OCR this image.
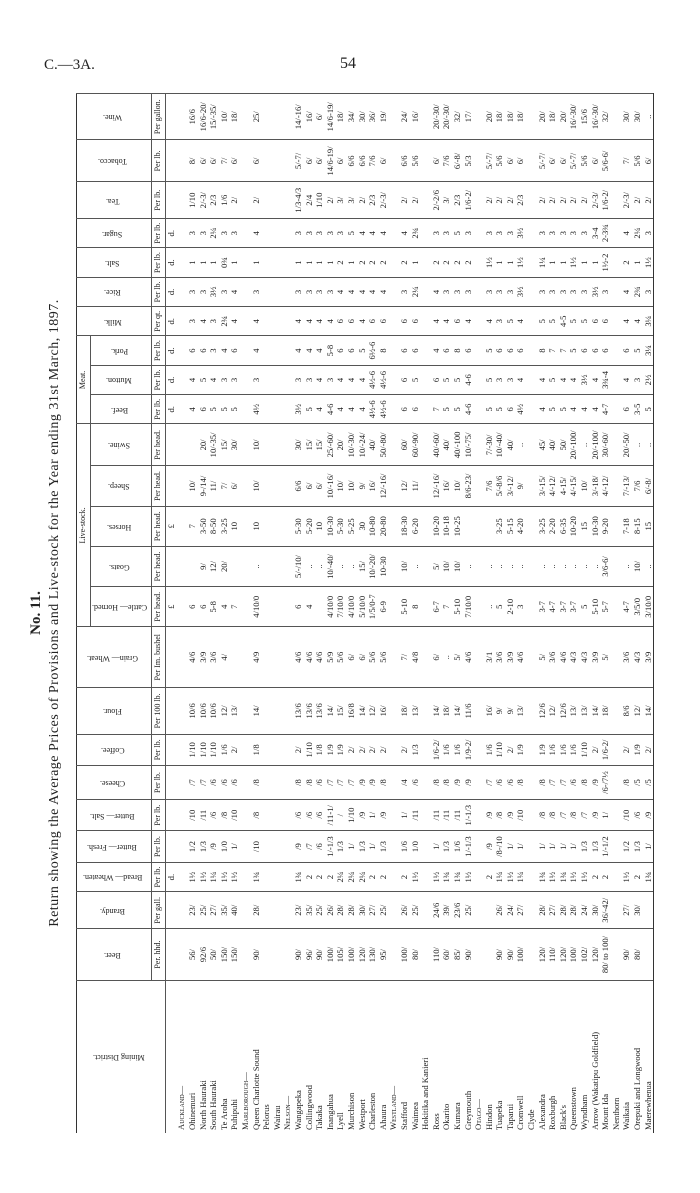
C.—3A.	54
No. 11. Return showing the Average Prices of Provisions and Live-stock for the Year ending 31st March, 1897.
Mining District.	Beer.	Brandy.	Bread— Wheaten.	Butter— Fresh.	Butter— Salt.	Cheese.	Coffee.	Flour.	Grain— Wheat.	Live-stock.					Meat.			Milk.	Rice.	Salt.	Sugar.	Tea.	Tobacco.	Wine.
										Cattle— Horned.	Goats.	Horses.	Sheep.	Swine.	Beef.	Mutton.	Pork.							
	Per. hhd.	Per gall.	Per lb.	Per lb.	Per lb.	Per lb.	Per lb.	Per 100 lb.	Per Im. bushel	Per head.	Per head.	Per head.	Per head.	Per head.	Per lb.	Per lb.	Per lb.	Per qt.	Per lb.	Per lb.	Per lb.	Per lb.	Per lb.	Per gallon.
			d.							£		£			d.	d.	d.	d.	d.	d.	d.			
Auckland—																								
Ohinemuri	56/	23/	1½	1/2	/10	/7	1/10	10/6	4/6	6		7	10/		4	4	6	3	3	1	3	1/10	8/	16/6
North Hauraki	92/6	25/	1½	1/3	/11	/7	1/10	10/6	3/9	6	9/	3-50	9-/14/	20/	6	5	6	4	3	1	3	2/-3/	6/	16/6-20/
South Hauraki	50/	27/	1¼	/9	/6	/6	1/10	10/6	3/6	5-8	12/	8-50	11/	10/-35/	5	4	3	3	3½	1	2¼	2/3	6/	15/-35/
Te Aroha	150/	35/	1½	1/0	/8	/6	1/6	12/	4/	4	20/	3-25	7/	15/	5	3	4	2¾	3	0¾	3	1/6	7/	10/
Puhipuhi	150/	40/	1½	1/	/10	/6	2/	13/		7		10	6/	30/	5	3	6	4	4	1	3	2/	6/	18/
Marlborough—																								
Queen Charlotte Sound	90/	28/	1¾	/10	/8	/8	1/8	14/	4/9	4/10/0	..	10	10/	10/	4½	3	4	4	3	1	4	2/	6/	25/
Pelorus																								
Wairau																								
Nelson—																								
Wangapeka	90/	23/	1¾	/9	/6	/8	2/	13/6	4/6	6	5/-/10/	5-30	6/6	30/	3½	3	4	4	3	1	3	1/3-4/3	5/-7/	14/-16/
Collingwood	96/	35/	2	/7	/6	/8	1/10	13/6	4/6	4	..	5-20	6/	15/	5	3	4	4	3	1	3	2/4	6/	16/
Takaka	90/	25/	2	/6	/6	/6	1/8	13/6	4/6		..	10	6/	15/	4	4	4	4	3	1	3	1/10	6/	6/
Inangahua	100/	26/	2	1/-1/3	/11-1/	/7	1/9	14/	5/9	4/10/0	10/-40/	10-30	10/-16/	25/-60/	4-6	3	5-8	4	3	1	3	2/	14/6-19/	14/6-19/
Lyell	105/	28/	2¼	1/3	/	/7	1/9	15/	5/6	7/10/0	..	5-30	10/	20/	4	4	6	6	4	2	3	3/	6/	18/
Murchison	100/	28/	2¼	1/	1/10	/7	2/	16/8	6/	4/10/0	..	5-25	10/	10/-30/	4	4	6	6	4	1	5	3/	6/6	34/
Westport	120/	30/	2¼	1/3	/9	/9	2/	14/	6/	5/10/0	15/	30	9/	10/-24/	4	4	5	4	4	2	4	2/	6/6	30/
Charleston	130/	27/	2	1/	1/	/9	2/	12/	5/6	1/5/0-7	10/-20/	10-80	16/	40/	4½-6	4½-6	6½-6	6	4	2	4	2/3	7/6	36/
Ahaura	95/	25/	2	1/3	/9	/8	2/	16/	5/6	6-9	10-30	20-80	12/-16/	50/-80/	4½-6	4½-6	8	6	4	2	4	2/-3/	6/	19/
Westland—																								
Stafford	100/	26/	2	1/6	1/	/4	2/	18/	7/	5-10	10/	18-30	12/	60/	6	6	6	6	3	2	4	2/	6/6	24/
Waimea	80/	25/	1½	1/0	/11	/6	1/3	13/	4/8	8	..	6-20	11/	60/-90/	6	5	6	6	2¼	1	2¾	2/	5/6	16/
Hokitika and Kanieri																								
Ross	110/	24/6	1½	1/	/11	/8	1/6-2/	14/	6/	6-7	5/	10-20	12/-16/	40/-60/	7	6	4	4	4	2	3	2/-2/6	6/	20/-30/
Okarito	60/	39/	1¾	1/3	/11	/8	1/6	18/	..	7	10/	10-18	16/	40/	5	5	6	4	3	2	3	3/	7/6	20/-30/
Kumara	85/	23/6	1¾	1/6	/11	/9	1/6	14/	5/	5-10	10/	10-25	10/	40/-100	5	5	8	6	3	2	5	2/3	6/-8/	32/
Greymouth	90/	25/	1½	1/-1/3	1/-1/3	/9	1/9-2/	11/6	4/6	7/10/0	..		8/6-23/	10/-75/	4-6	4-6	6	4	3	2	3	1/6-2/	5/3	17/
Otago—																								
Hindon			2	/9	/9	/7	1/6	16/	3/1	..	..		7/6	7/-30/	5	5	5	4	3	1½	3	2/	5/-7/	20/
Tuapeka	90/	26/	1¼	/8-/10	/8	/6	1/10	9/	3/6	5	..	3-25	5/-8/6	10/-40/	5	3	6	3	3	1	3	2/	5/6	18/
Taparui	90/	24/	1½	1/	/9	/6	2/	9/	3/9	2-10	..	5-15	3/-12/	40/	6	3	6	5	3	1	3	2/	6/	18/
Cromwell	100/	27/	1¼	1/	/10	/8	1/9	13/	4/6	3	..	4-20	9/	..	4½	4	6	4	3½	1½	3½	2/3	6/	18/
Clyde																								
Alexandra	120/	28/	1¾	1/	/8	/8	1/9	12/6	5/	3-7	..	3-25	3/-15/	45/	4	4	8	5	3	1¼	3	2/	5/-7/	20/
Roxburgh	110/	27/	1½	1/	/8	/7	1/6	12/	3/6	4-7	..	2-20	4/-12/	40/	5	5	7	5	3	1	3	2/	6/	18/
Black's	120/	28/	1¾	1/	/7	/7	1/6	12/6	4/6	3-7	..	6-35	4-15/	50/	5	4	7	4-5	3	1	3	2/	6/	20/
Queenstown	100/	28/	1½	1/	/8	/6	1/6	13/	4/3	3-7	..	10-20	4/-15/	20/-100/	4	4	5	5	3	1½	3	2/	5/-7/	16/-30/
Wyndham	102/	24/	1½	1/3	/7	/8	1/10	13/	4/3	5	..	15	10/	..	4	3½	6	5	3	1	3	2/	5/6	15/6
Arrow (Wakatipu Goldfield)	120/	30/	2	1/3	/9	/9	2/	14/	3/9	5-10	..	10-30	3/-18/	20/-100/	4	4	6	6	3½	1	3-4	2/-3/	6/	16/-30/
Mount Ida	80/ to 100/	36/-42/	2	1/-1/2	1/	/6-/7½	1/6-2/	18/	5/	5-7	3/6-6/	9-20	4/-12/	30/-60/	4-7	3¾-4	6	6	3	1½-2	2-3¾	1/6-2/	5/6-6/	32/
Nenthorn																								
Waikaia	90/	27/	1½	1/2	/10	/8	2/	8/6	3/6	4-7	..	7-18	7/-13/	20/-50/	6	4	6	4	4	2	4	2/-3/	7/	30/
Orepuki and Longwood	80/	30/	2	1/3	/6	/5	1/9	12/	4/3	3/5/0	10/	8-15	7/6	..	3-5	3	5	4	2¾	1	2¼	2/	5/6	30/
Maerewhenua			1¾	1/	/9	/5	2/	14/	3/9	3/10/0	..	15	6/-8/	..	5	2½	3¼	3¼	3	1½	3	2/	6/	..
